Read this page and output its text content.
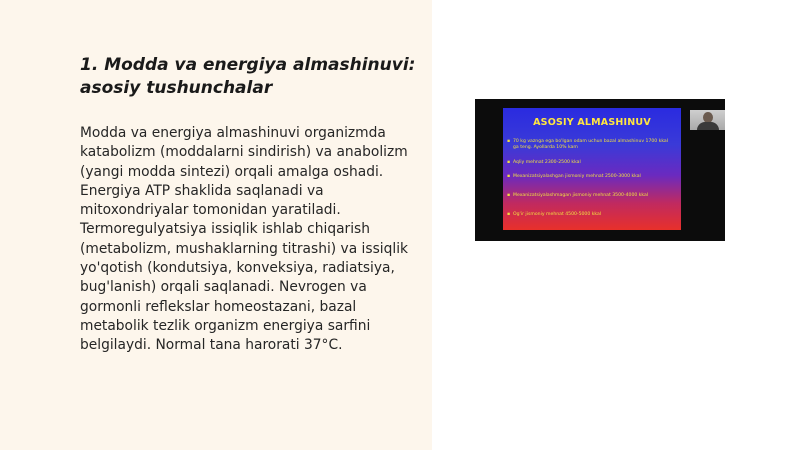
1. Modda va energiya almashinuvi: asosiy tushunchalar
Modda va energiya almashinuvi organizmda katabolizm (moddalarni sindirish) va anabolizm (yangi modda sintezi) orqali amalga oshadi. Energiya ATP shaklida saqlanadi va mitoxondriyalar tomonidan yaratiladi. Termoregulyatsiya issiqlik ishlab chiqarish (metabolizm, mushaklarning titrashi) va issiqlik yo'qotish (kondutsiya, konveksiya, radiatsiya, bug'lanish) orqali saqlanadi. Nevrogen va gormonli reflekslar homeostazani, bazal metabolik tezlik organizm energiya sarfini belgilaydi. Normal tana harorati 37°C.
ASOSIY ALMASHINUV
▪ 70 kg vaznga ega bo'lgan odam uchun bazal almashinuv 1700 kkal ga teng. Ayollarda 10% kam
▪ Aqliy mehnat 2300-2500 kkal
▪ Mexanizatsiyalashgan jismoniy mehnat 2500-3000 kkal
▪ Mexanizatsiyalashmagan jismoniy mehnat 3500-4000 kkal
▪ Og'ir jismoniy mehnat 4500-5000 kkal
